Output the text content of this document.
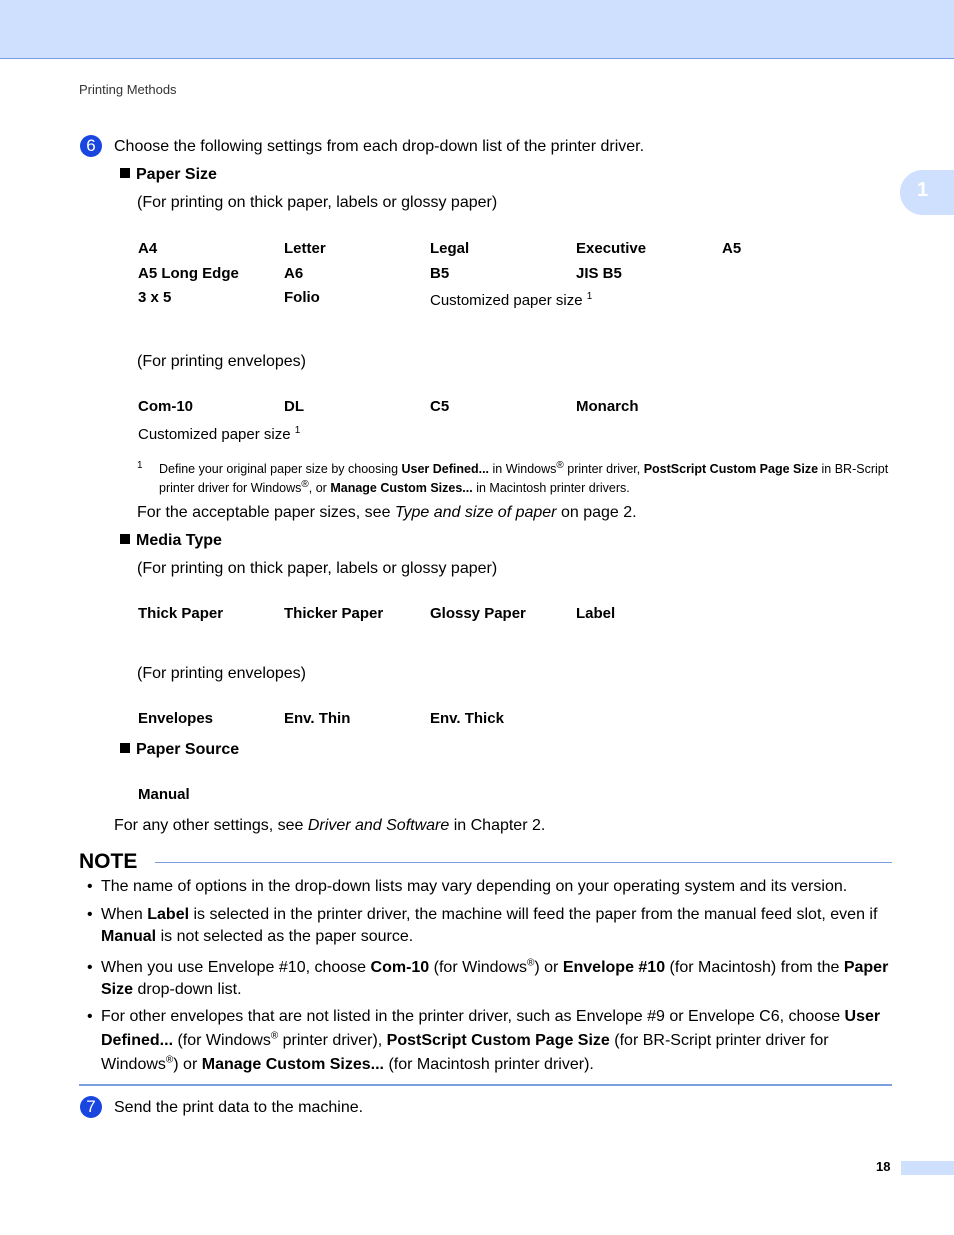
Printing Methods
1
6	Choose the following settings from each drop-down list of the printer driver.
Paper Size
(For printing on thick paper, labels or glossy paper)
A4	Letter	Legal	Executive	A5
A5 Long Edge	A6	B5	JIS B5
3 x 5	Folio	Customized paper size $^1$
(For printing envelopes)
Com-10	DL	C5	Monarch
Customized paper size $^1$
1 Define your original paper size by choosing User Defined... in Windows® printer driver, PostScript Custom Page Size in BR-Script
printer driver for Windows®, or Manage Custom Sizes... in Macintosh printer drivers.
For the acceptable paper sizes, see Type and size of paper on page 2.
Media Type
(For printing on thick paper, labels or glossy paper)
Thick Paper	Thicker Paper	Glossy Paper	Label
(For printing envelopes)
Envelopes	Env. Thin	Env. Thick
Paper Source
Manual
For any other settings, see Driver and Software in Chapter 2.
NOTE
• The name of options in the drop-down lists may vary depending on your operating system and its version.
• When Label is selected in the printer driver, the machine will feed the paper from the manual feed slot, even if Manual is not selected as the paper source.
• When you use Envelope #10, choose Com-10 (for Windows®) or Envelope #10 (for Macintosh) from the Paper Size drop-down list.
• For other envelopes that are not listed in the printer driver, such as Envelope #9 or Envelope C6, choose User Defined... (for Windows® printer driver), PostScript Custom Page Size (for BR-Script printer driver for Windows®) or Manage Custom Sizes... (for Macintosh printer driver).
7	Send the print data to the machine.
18
